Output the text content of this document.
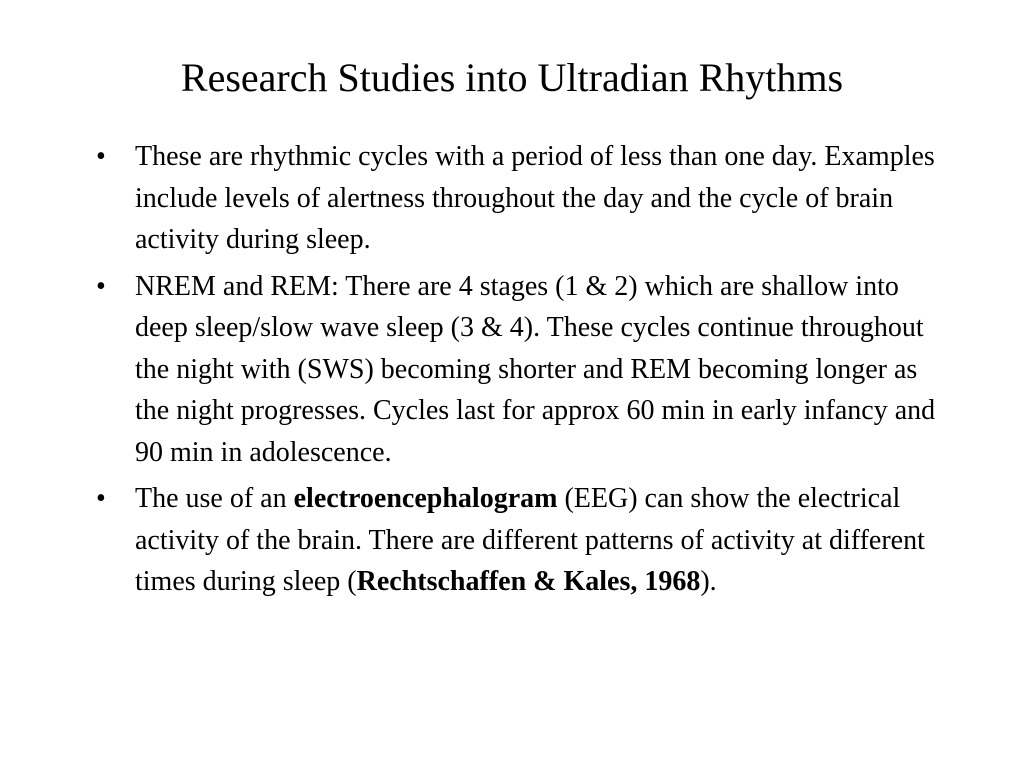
Research Studies into Ultradian Rhythms
• These are rhythmic cycles with a period of less than one day. Examples include levels of alertness throughout the day and the cycle of brain activity during sleep.
• NREM and REM: There are 4 stages (1 & 2) which are shallow into deep sleep/slow wave sleep (3 & 4). These cycles continue throughout the night with (SWS) becoming shorter and REM becoming longer as the night progresses. Cycles last for approx 60 min in early infancy and 90 min in adolescence.
• The use of an electroencephalogram (EEG) can show the electrical activity of the brain. There are different patterns of activity at different times during sleep (Rechtschaffen & Kales, 1968).
